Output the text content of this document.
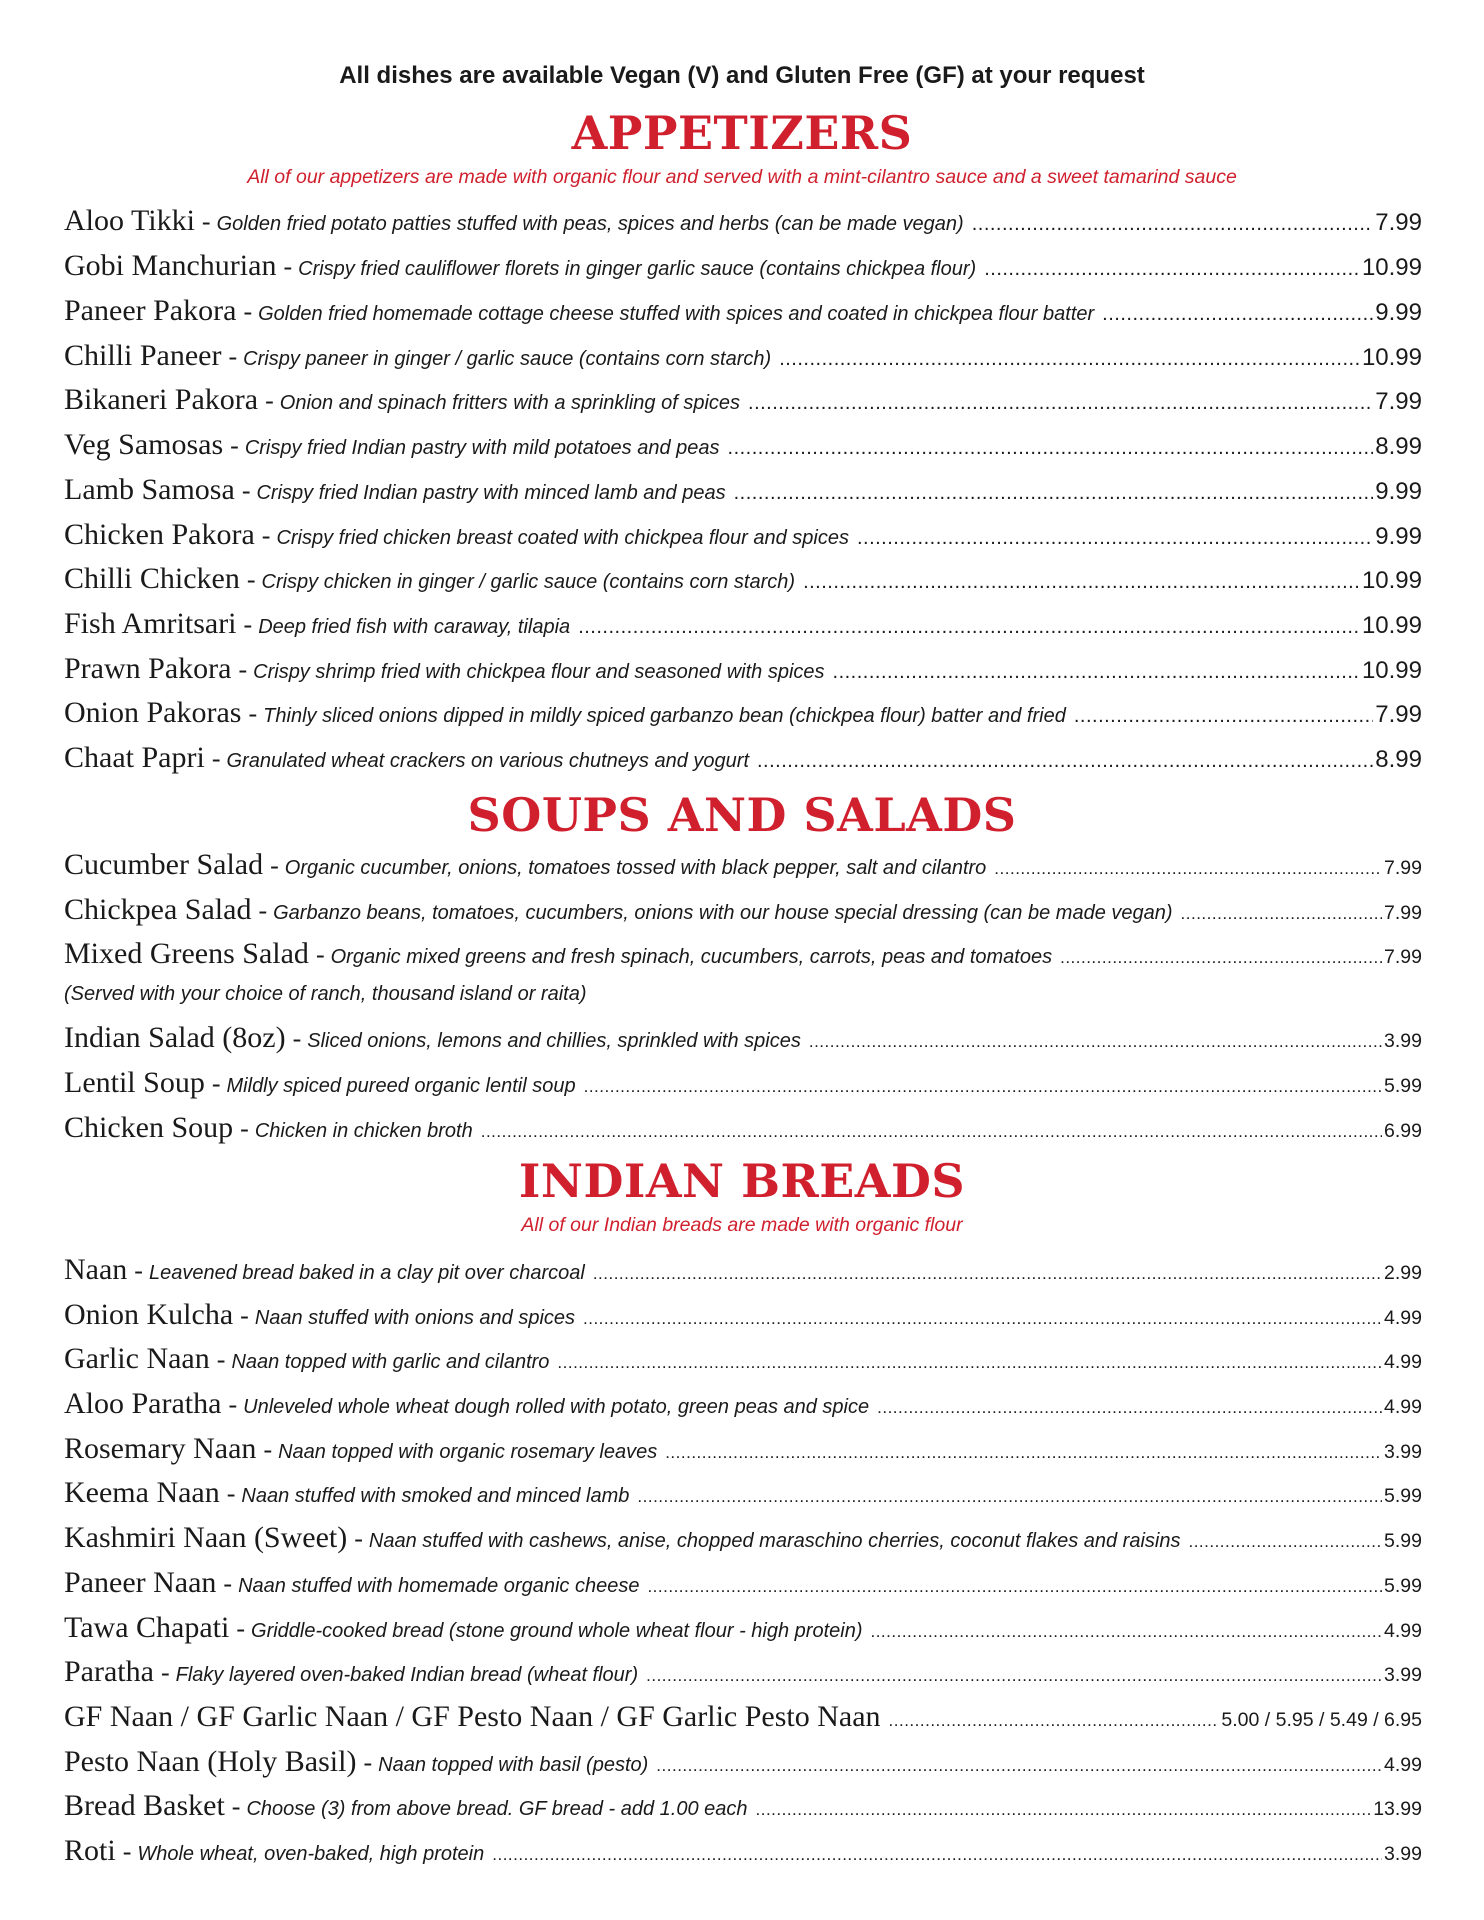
All dishes are available Vegan (V) and Gluten Free (GF) at your request
APPETIZERS
All of our appetizers are made with organic flour and served with a mint-cilantro sauce and a sweet tamarind sauce
Aloo Tikki - Golden fried potato patties stuffed with peas, spices and herbs (can be made vegan) .....	7.99
Gobi Manchurian - Crispy fried cauliflower florets in ginger garlic sauce (contains chickpea flour) .....	10.99
Paneer Pakora - Golden fried homemade cottage cheese stuffed with spices and coated in chickpea flour batter .....	9.99
Chilli Paneer - Crispy paneer in ginger / garlic sauce (contains corn starch) .....	10.99
Bikaneri Pakora - Onion and spinach fritters with a sprinkling of spices .....	7.99
Veg Samosas - Crispy fried Indian pastry with mild potatoes and peas .....	8.99
Lamb Samosa - Crispy fried Indian pastry with minced lamb and peas .....	9.99
Chicken Pakora - Crispy fried chicken breast coated with chickpea flour and spices .....	9.99
Chilli Chicken - Crispy chicken in ginger / garlic sauce (contains corn starch) .....	10.99
Fish Amritsari - Deep fried fish with caraway, tilapia .....	10.99
Prawn Pakora - Crispy shrimp fried with chickpea flour and seasoned with spices .....	10.99
Onion Pakoras - Thinly sliced onions dipped in mildly spiced garbanzo bean (chickpea flour) batter and fried .....	7.99
Chaat Papri - Granulated wheat crackers on various chutneys and yogurt .....	8.99
SOUPS AND SALADS
Cucumber Salad - Organic cucumber, onions, tomatoes tossed with black pepper, salt and cilantro .....	7.99
Chickpea Salad - Garbanzo beans, tomatoes, cucumbers, onions with our house special dressing (can be made vegan) .....	7.99
Mixed Greens Salad - Organic mixed greens and fresh spinach, cucumbers, carrots, peas and tomatoes .....	7.99
(Served with your choice of ranch, thousand island or raita)
Indian Salad (8oz) - Sliced onions, lemons and chillies, sprinkled with spices .....	3.99
Lentil Soup - Mildly spiced pureed organic lentil soup .....	5.99
Chicken Soup - Chicken in chicken broth .....	6.99
INDIAN BREADS
All of our Indian breads are made with organic flour
Naan - Leavened bread baked in a clay pit over charcoal .....	2.99
Onion Kulcha - Naan stuffed with onions and spices .....	4.99
Garlic Naan - Naan topped with garlic and cilantro .....	4.99
Aloo Paratha - Unleveled whole wheat dough rolled with potato, green peas and spice .....	4.99
Rosemary Naan - Naan topped with organic rosemary leaves .....	3.99
Keema Naan - Naan stuffed with smoked and minced lamb .....	5.99
Kashmiri Naan (Sweet) - Naan stuffed with cashews, anise, chopped maraschino cherries, coconut flakes and raisins .....	5.99
Paneer Naan - Naan stuffed with homemade organic cheese .....	5.99
Tawa Chapati - Griddle-cooked bread (stone ground whole wheat flour - high protein) .....	4.99
Paratha - Flaky layered oven-baked Indian bread (wheat flour) .....	3.99
GF Naan / GF Garlic Naan / GF Pesto Naan / GF Garlic Pesto Naan .....	5.00 / 5.95 / 5.49 / 6.95
Pesto Naan (Holy Basil) - Naan topped with basil (pesto) .....	4.99
Bread Basket - Choose (3) from above bread. GF bread - add 1.00 each .....	13.99
Roti - Whole wheat, oven-baked, high protein .....	3.99
